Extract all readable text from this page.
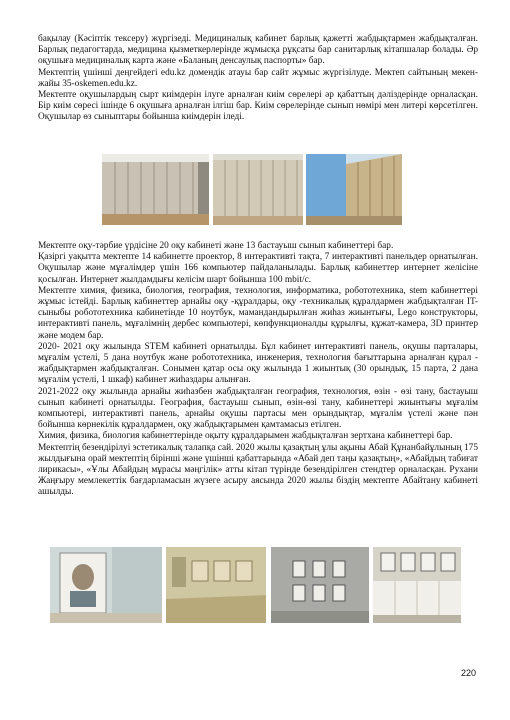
бақылау (Кәсіптік тексеру) жүргізеді. Медициналық кабинет барлық қажетті жабдықтармен жабдықталған. Барлық педагогтарда, медицина қызметкерлерінде жұмысқа рұқсаты бар санитарлық кітапшалар болады. Әр оқушыға медициналық карта және «Баланың денсаулық паспорты» бар.

Мектептің үшінші деңгейдегі edu.kz домендік атауы бар сайт жұмыс жүргізілуде. Мектеп сайтының мекен-жайы 35-oskemen.edu.kz.

Мектепте оқушылардың сырт киімдерін ілуге арналған киім сөрелері әр қабаттың дәліздерінде орналасқан. Бір киім сөресі ішінде 6 оқушыға арналған ілгіш бар. Киім сөрелерінде сынып нөмірі мен литері көрсетілген. Оқушылар өз сыныптары бойынша киімдерін іледі.

Мектепте оқу-тәрбие үрдісіне 20 оқу кабинеті және 13 бастауыш сынып кабинеттері бар.

Қазіргі уақытта мектепте 14 кабинетте проектор, 8 интерактивті тақта, 7 интерактивті панельдер орнатылған. Оқушылар және мұғалімдер үшін 166 компьютер пайдаланылады. Барлық кабинеттер интернет желісіне қосылған. Интернет жылдамдығы келісім шарт бойынша 100 mbit/c.

Мектепте химия, физика, биология, география, технология, информатика, робототехника, stem кабинеттері жұмыс істейді. Барлық кабинеттер арнайы оқу -құралдары, оқу -техникалық құралдармен жабдықталған IT-сыныбы робототехника кабинетінде 10 ноутбук, мамандандырылған жиһаз жиынтығы, Lego конструкторы, интерактивті панель, мұғалімнің дербес компьютері, көпфункционалды құрылғы, құжат-камера, 3D принтер және модем бар.

2020- 2021 оқу жылында STEM кабинеті орнатылды. Бұл кабинет интерактивті панель, оқушы парталары, мұғалім үстелі, 5 дана ноутбук және робототехника, инженерия, технология бағыттарына арналған құрал - жабдықтармен жабдықталған. Сонымен қатар осы оқу жылында 1 жиынтық (30 орындық, 15 парта, 2 дана мұғалім үстелі, 1 шкаф) кабинет жиһаздары алынған.

2021-2022 оқу жылында арнайы жиһазбен жабдықталған география, технология, өзін - өзі тану, бастауыш сынып кабинеті орнатылды. География, бастауыш сынып, өзін-өзі тану, кабинеттері жиынтығы мұғалім компьютері, интерактивті панель, арнайы оқушы партасы мен орындықтар, мұғалім үстелі және пән бойынша көрнекілік құралдармен, оқу жабдықтарымен қамтамасыз етілген.

Химия, физика, биология кабинеттерінде оқыту құралдарымен жабдықталған зертхана кабинеттері бар.

Мектептің безендірілуі эстетикалық талапқа сай. 2020 жылы қазақтың ұлы ақыны Абай Құнанбайұлының 175 жылдығына орай мектептің бірінші және үшінші қабаттарында «Абай деп таңы қазақтың», «Абайдың табиғат лирикасы», «Ұлы Абайдың мұрасы мәңгілік» атты кітап түрінде безендірілген стендтер орналасқан. Рухани Жаңғыру мемлекеттік бағдарламасын жүзеге асыру аясында 2020 жылы біздің мектепте Абайтану кабинеті ашылды.

220
